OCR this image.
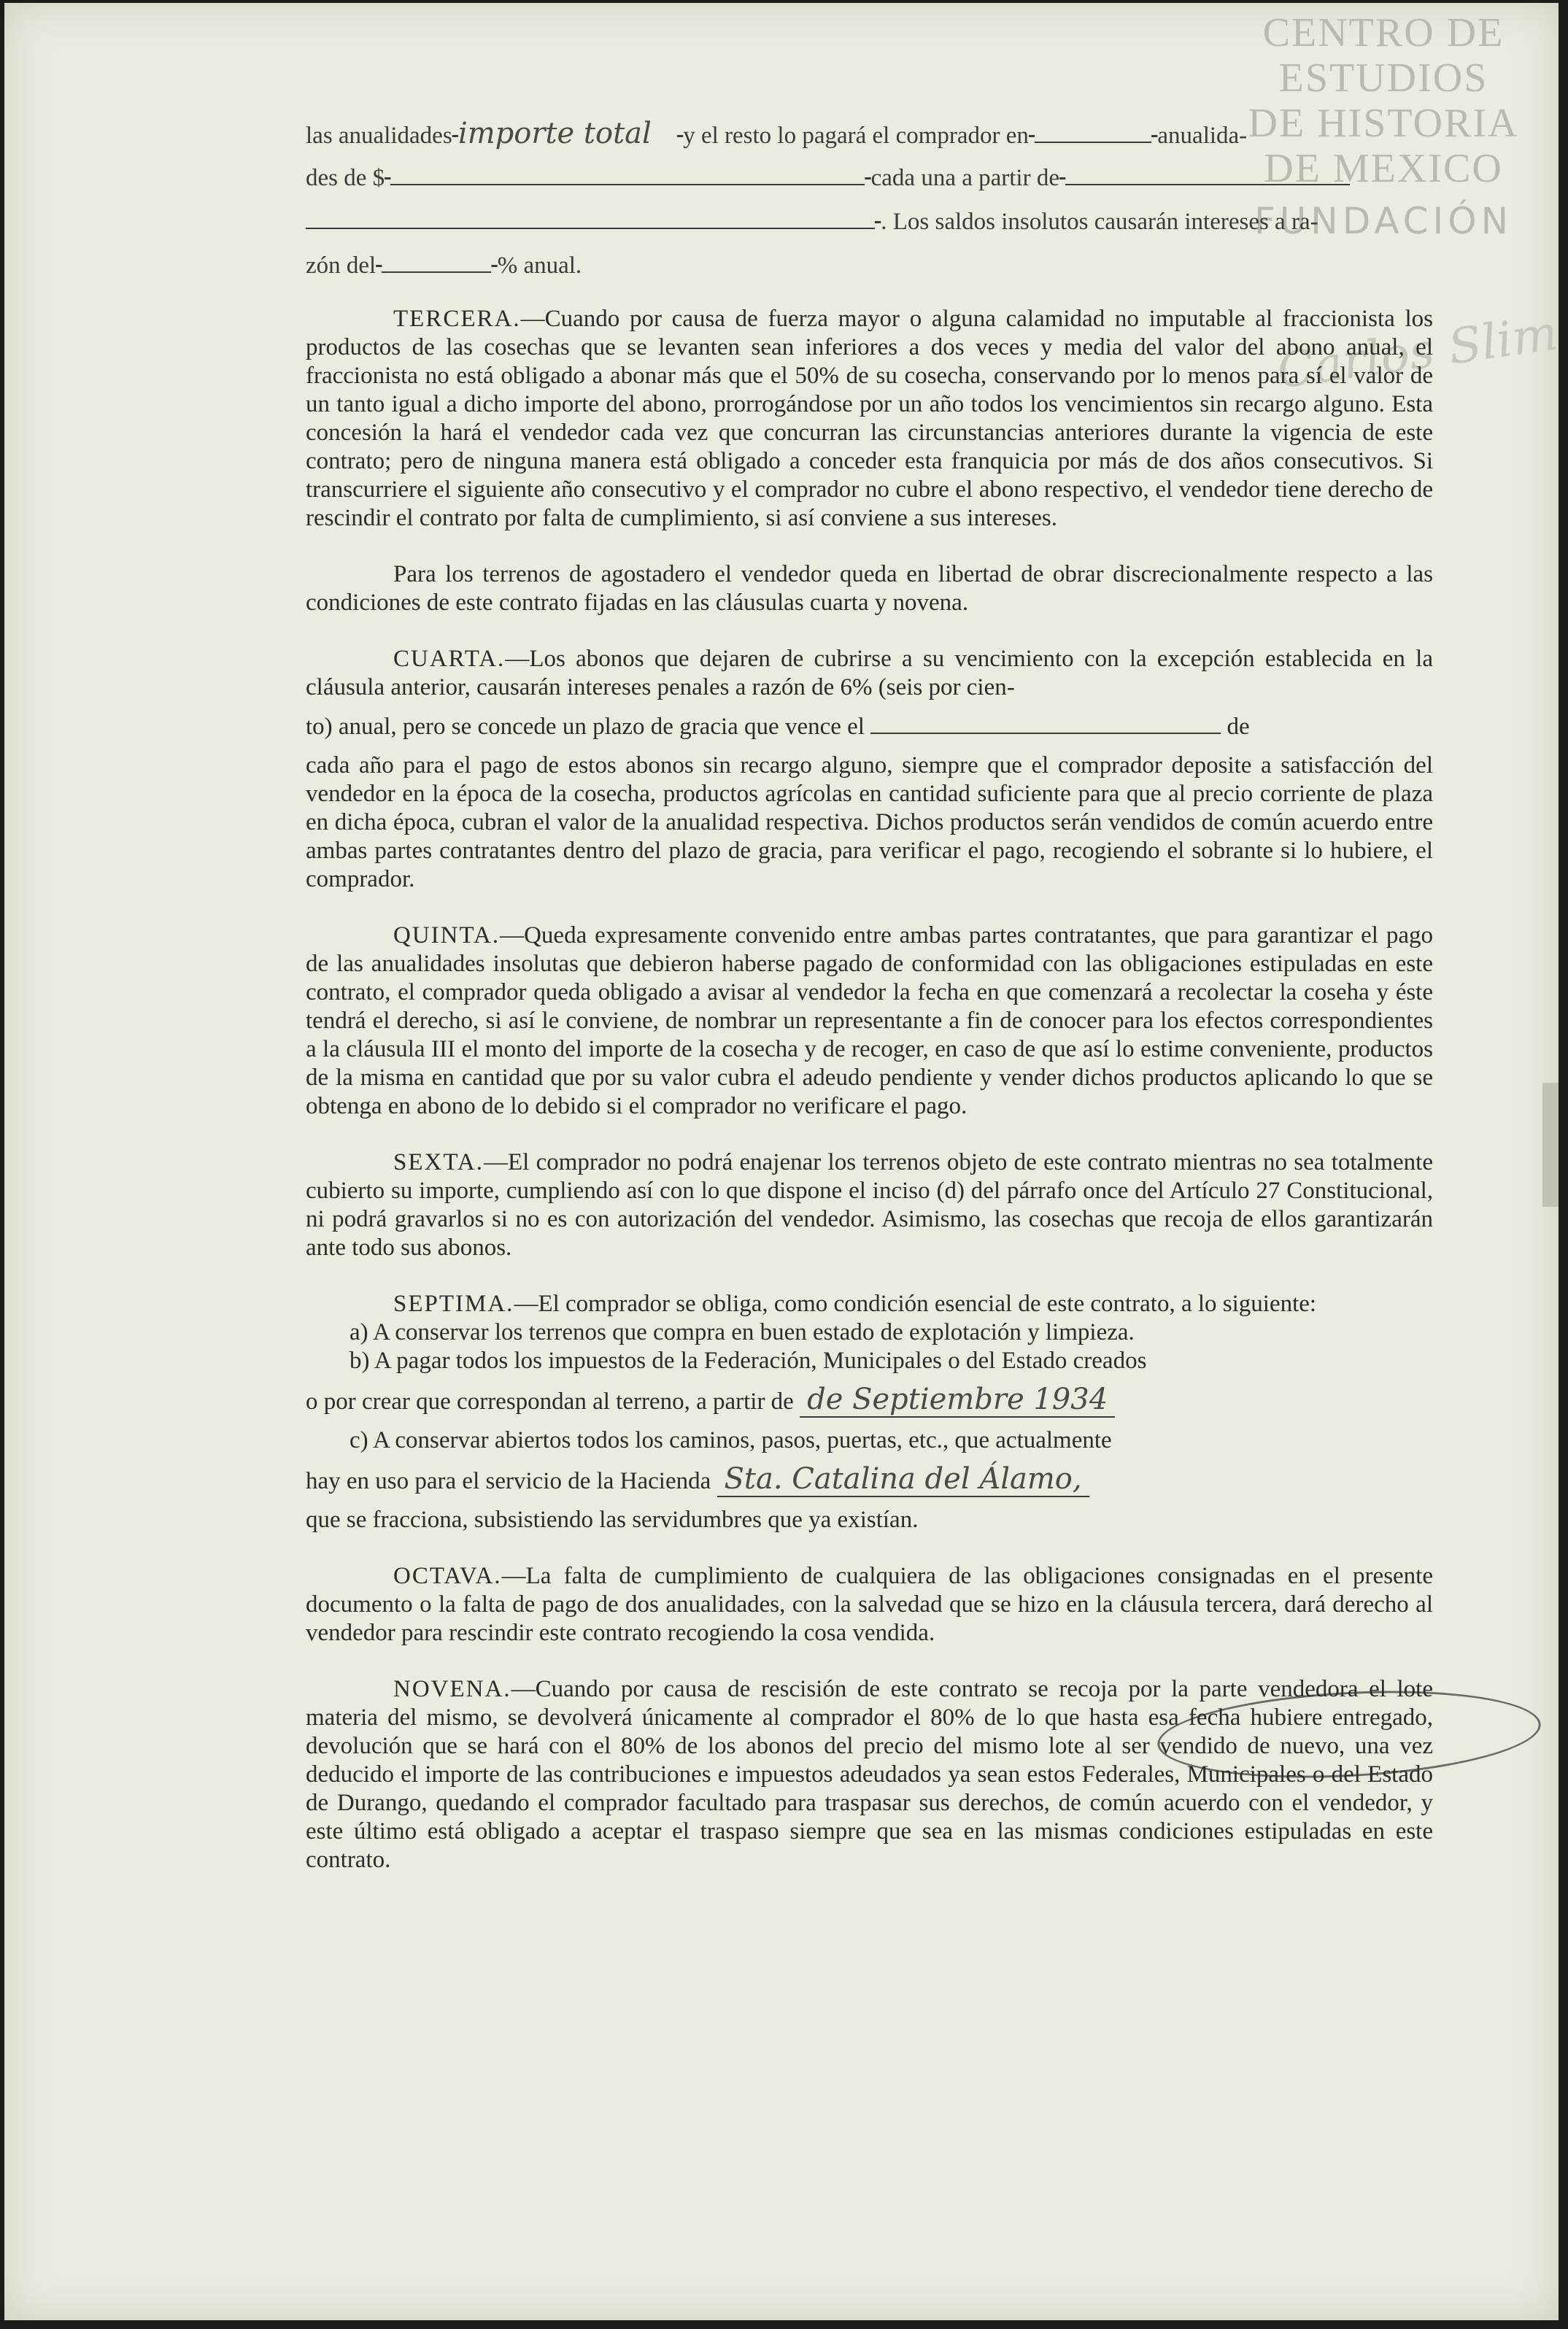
CENTRO DE
ESTUDIOS
DE HISTORIA
DE MEXICO
FUNDACIÓN
Carlos Slim
las anualidades importe total y el resto lo pagará el comprador en	anualida-
des de $	cada una a partir de
. Los saldos insolutos causarán intereses a ra-
zón del	% anual.
TERCERA.—Cuando por causa de fuerza mayor o alguna calamidad no imputable al fraccionista los productos de las cosechas que se levanten sean inferiores a dos veces y media del valor del abono anual, el fraccionista no está obligado a abonar más que el 50% de su cosecha, conservando por lo menos para sí el valor de un tanto igual a dicho importe del abono, prorrogándose por un año todos los vencimientos sin recargo alguno. Esta concesión la hará el vendedor cada vez que concurran las circunstancias anteriores durante la vigencia de este contrato; pero de ninguna manera está obligado a conceder esta franquicia por más de dos años consecutivos. Si transcurriere el siguiente año consecutivo y el comprador no cubre el abono respectivo, el vendedor tiene derecho de rescindir el contrato por falta de cumplimiento, si así conviene a sus intereses.
Para los terrenos de agostadero el vendedor queda en libertad de obrar discrecionalmente respecto a las condiciones de este contrato fijadas en las cláusulas cuarta y novena.
CUARTA.—Los abonos que dejaren de cubrirse a su vencimiento con la excepción establecida en la cláusula anterior, causarán intereses penales a razón de 6% (seis por cien-
to) anual, pero se concede un plazo de gracia que vence el	de
cada año para el pago de estos abonos sin recargo alguno, siempre que el comprador deposite a satisfacción del vendedor en la época de la cosecha, productos agrícolas en cantidad suficiente para que al precio corriente de plaza en dicha época, cubran el valor de la anualidad respectiva. Dichos productos serán vendidos de común acuerdo entre ambas partes contratantes dentro del plazo de gracia, para verificar el pago, recogiendo el sobrante si lo hubiere, el comprador.
QUINTA.—Queda expresamente convenido entre ambas partes contratantes, que para garantizar el pago de las anualidades insolutas que debieron haberse pagado de conformidad con las obligaciones estipuladas en este contrato, el comprador queda obligado a avisar al vendedor la fecha en que comenzará a recolectar la coseha y éste tendrá el derecho, si así le conviene, de nombrar un representante a fin de conocer para los efectos correspondientes a la cláusula III el monto del importe de la cosecha y de recoger, en caso de que así lo estime conveniente, productos de la misma en cantidad que por su valor cubra el adeudo pendiente y vender dichos productos aplicando lo que se obtenga en abono de lo debido si el comprador no verificare el pago.
SEXTA.—El comprador no podrá enajenar los terrenos objeto de este contrato mientras no sea totalmente cubierto su importe, cumpliendo así con lo que dispone el inciso (d) del párrafo once del Artículo 27 Constitucional, ni podrá gravarlos si no es con autorización del vendedor. Asimismo, las cosechas que recoja de ellos garantizarán ante todo sus abonos.
SEPTIMA.—El comprador se obliga, como condición esencial de este contrato, a lo siguiente:
a) A conservar los terrenos que compra en buen estado de explotación y limpieza.
b) A pagar todos los impuestos de la Federación, Municipales o del Estado creados
o por crear que correspondan al terreno, a partir de de Septiembre 1934
c) A conservar abiertos todos los caminos, pasos, puertas, etc., que actualmente
hay en uso para el servicio de la Hacienda Sta. Catalina del Álamo,
que se fracciona, subsistiendo las servidumbres que ya existían.
OCTAVA.—La falta de cumplimiento de cualquiera de las obligaciones consignadas en el presente documento o la falta de pago de dos anualidades, con la salvedad que se hizo en la cláusula tercera, dará derecho al vendedor para rescindir este contrato recogiendo la cosa vendida.
NOVENA.—Cuando por causa de rescisión de este contrato se recoja por la parte vendedora el lote materia del mismo, se devolverá únicamente al comprador el 80% de lo que hasta esa fecha hubiere entregado, devolución que se hará con el 80% de los abonos del precio del mismo lote al ser vendido de nuevo, una vez deducido el importe de las contribuciones e impuestos adeudados ya sean estos Federales, Municipales o del Estado de Durango, quedando el comprador facultado para traspasar sus derechos, de común acuerdo con el vendedor, y este último está obligado a aceptar el traspaso siempre que sea en las mismas condiciones estipuladas en este contrato.
